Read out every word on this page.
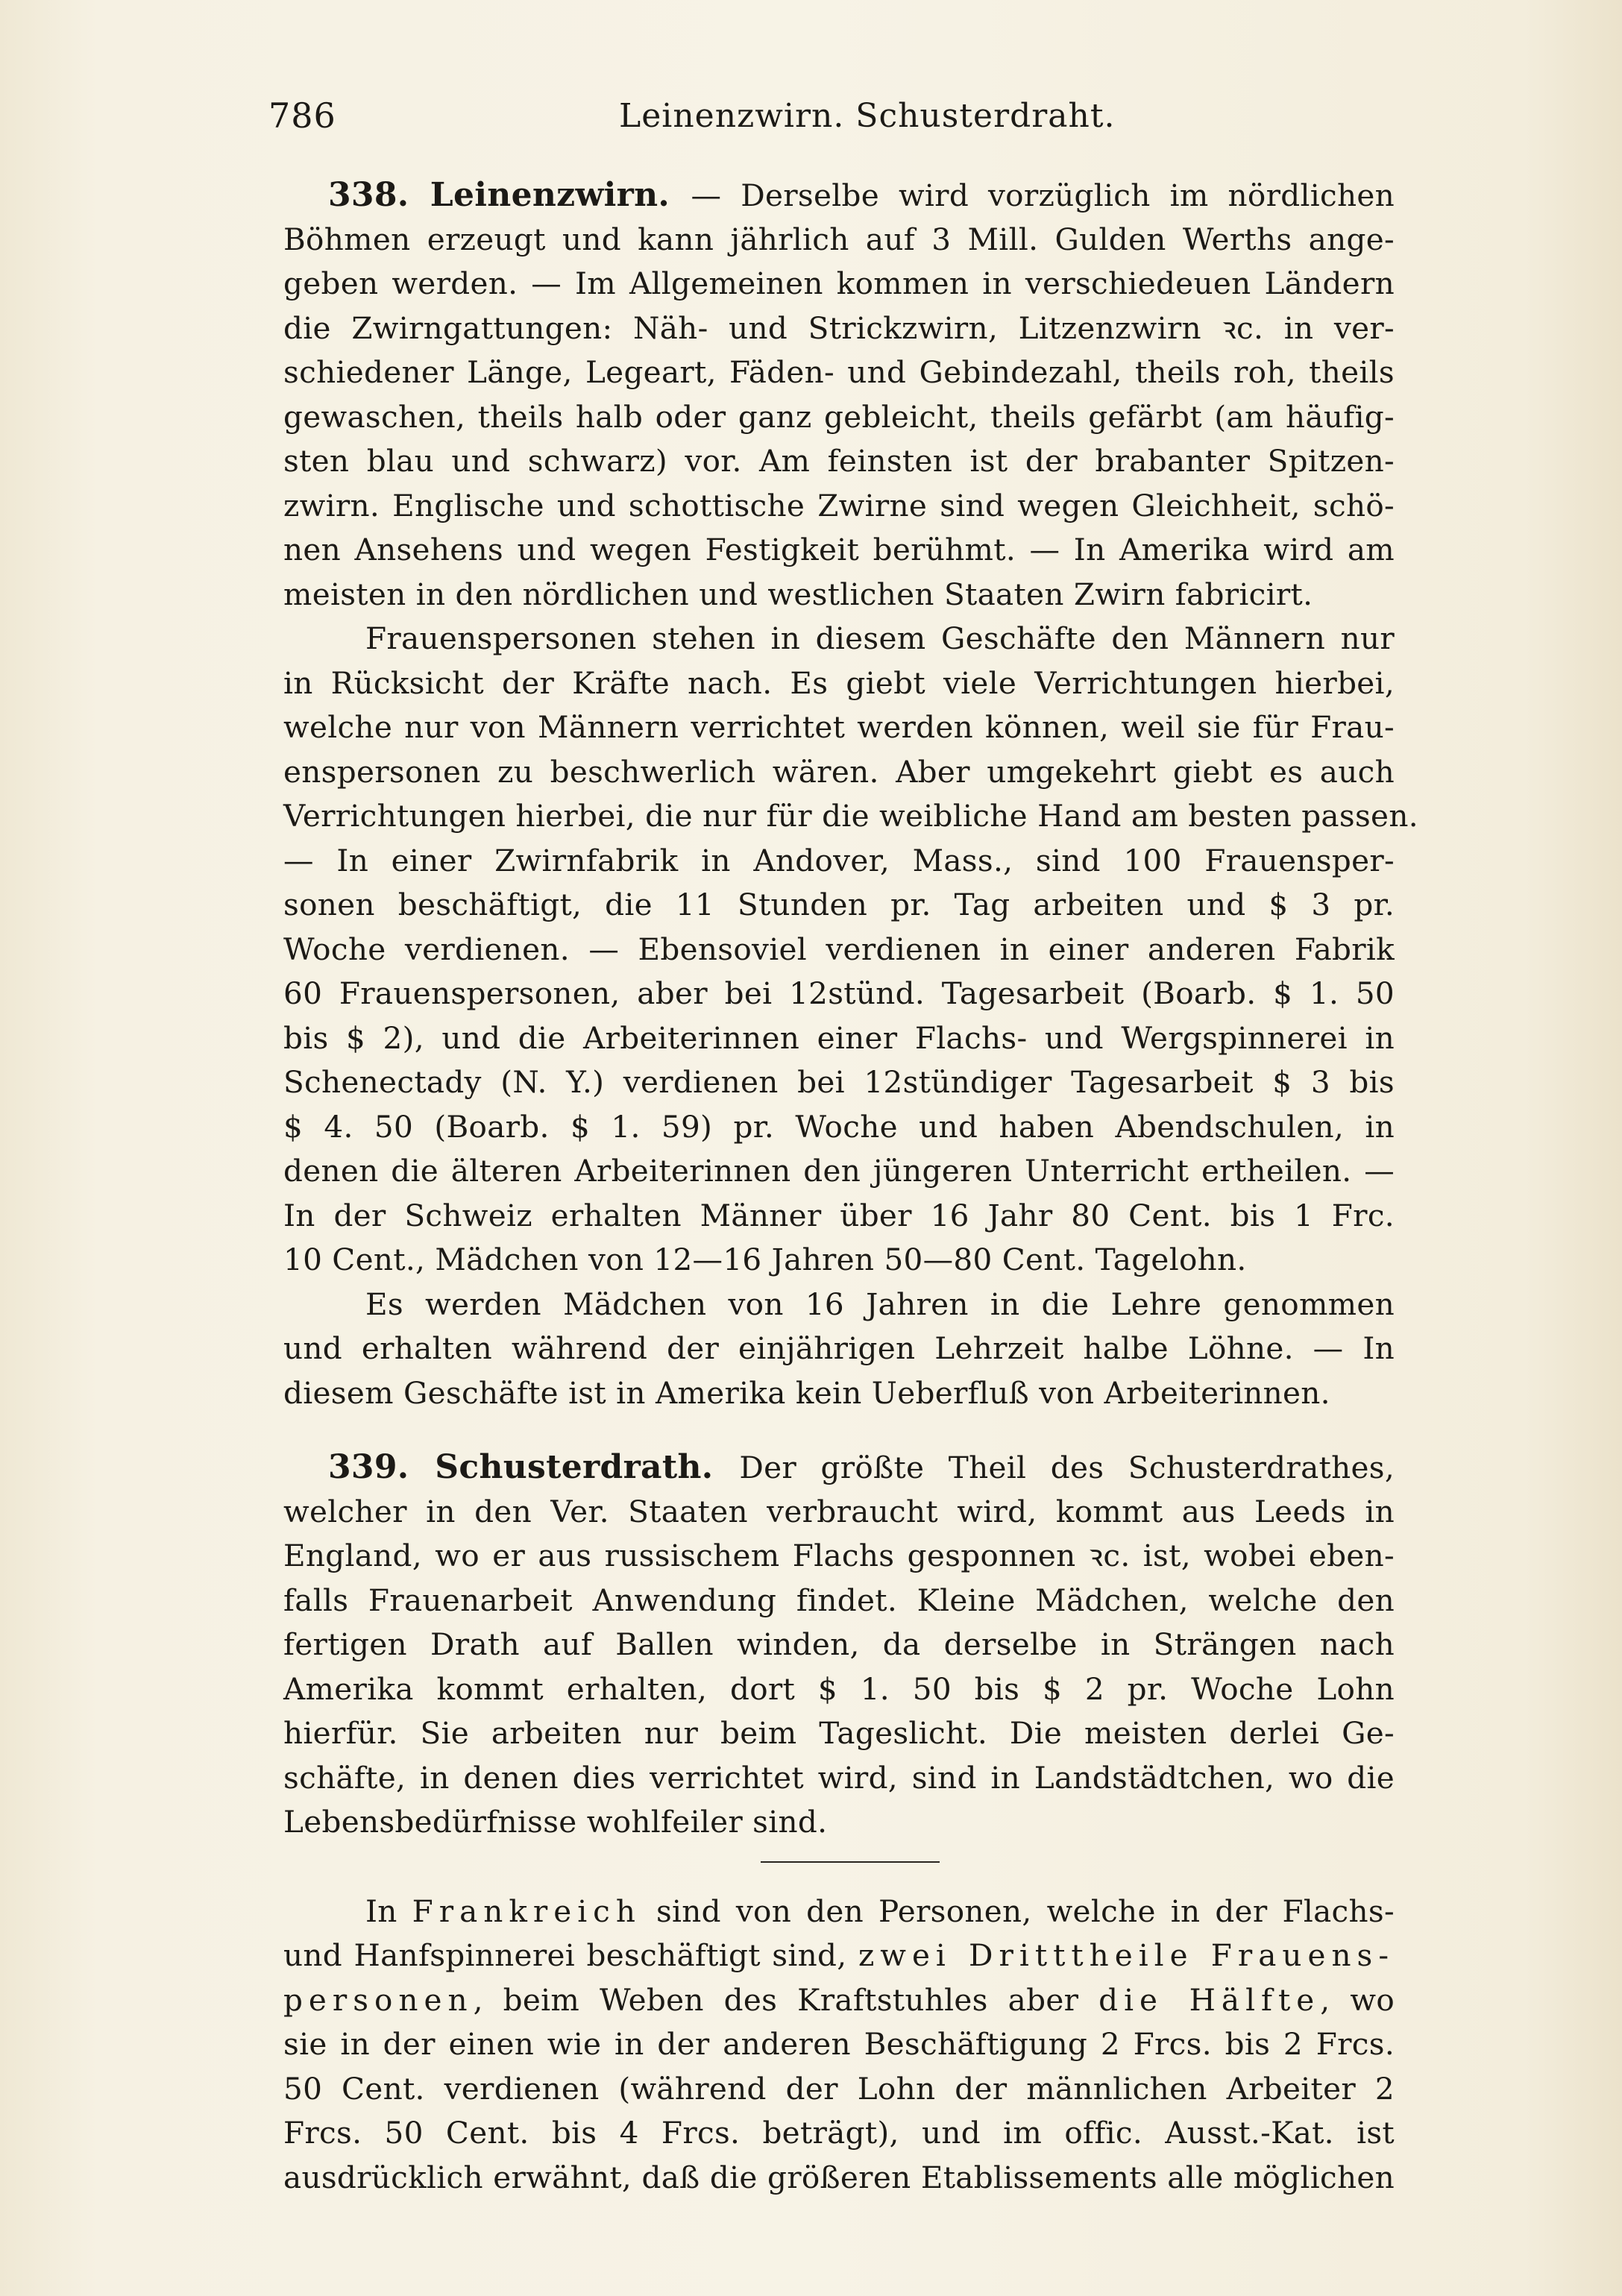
786	Leinenzwirn. Schusterdraht.
338. Leinenzwirn. — Derselbe wird vorzüglich im nördlichen
Böhmen erzeugt und kann jährlich auf 3 Mill. Gulden Werths ange-
geben werden. — Im Allgemeinen kommen in verschiedeuen Ländern
die Zwirngattungen: Näh- und Strickzwirn, Litzenzwirn ꝛc. in ver-
schiedener Länge, Legeart, Fäden- und Gebindezahl, theils roh, theils
gewaschen, theils halb oder ganz gebleicht, theils gefärbt (am häufig-
sten blau und schwarz) vor. Am feinsten ist der brabanter Spitzen-
zwirn. Englische und schottische Zwirne sind wegen Gleichheit, schö-
nen Ansehens und wegen Festigkeit berühmt. — In Amerika wird am
meisten in den nördlichen und westlichen Staaten Zwirn fabricirt.
Frauenspersonen stehen in diesem Geschäfte den Männern nur
in Rücksicht der Kräfte nach. Es giebt viele Verrichtungen hierbei,
welche nur von Männern verrichtet werden können, weil sie für Frau-
enspersonen zu beschwerlich wären. Aber umgekehrt giebt es auch
Verrichtungen hierbei, die nur für die weibliche Hand am besten passen.
— In einer Zwirnfabrik in Andover, Mass., sind 100 Frauensper-
sonen beschäftigt, die 11 Stunden pr. Tag arbeiten und $ 3 pr.
Woche verdienen. — Ebensoviel verdienen in einer anderen Fabrik
60 Frauenspersonen, aber bei 12stünd. Tagesarbeit (Boarb. $ 1. 50
bis $ 2), und die Arbeiterinnen einer Flachs- und Wergspinnerei in
Schenectady (N. Y.) verdienen bei 12stündiger Tagesarbeit $ 3 bis
$ 4. 50 (Boarb. $ 1. 59) pr. Woche und haben Abendschulen, in
denen die älteren Arbeiterinnen den jüngeren Unterricht ertheilen. —
In der Schweiz erhalten Männer über 16 Jahr 80 Cent. bis 1 Frc.
10 Cent., Mädchen von 12—16 Jahren 50—80 Cent. Tagelohn.
Es werden Mädchen von 16 Jahren in die Lehre genommen
und erhalten während der einjährigen Lehrzeit halbe Löhne. — In
diesem Geschäfte ist in Amerika kein Ueberfluß von Arbeiterinnen.
339. Schusterdrath. Der größte Theil des Schusterdrathes,
welcher in den Ver. Staaten verbraucht wird, kommt aus Leeds in
England, wo er aus russischem Flachs gesponnen ꝛc. ist, wobei eben-
falls Frauenarbeit Anwendung findet. Kleine Mädchen, welche den
fertigen Drath auf Ballen winden, da derselbe in Strängen nach
Amerika kommt erhalten, dort $ 1. 50 bis $ 2 pr. Woche Lohn
hierfür. Sie arbeiten nur beim Tageslicht. Die meisten derlei Ge-
schäfte, in denen dies verrichtet wird, sind in Landstädtchen, wo die
Lebensbedürfnisse wohlfeiler sind.
In Frankreich sind von den Personen, welche in der Flachs-
und Hanfspinnerei beschäftigt sind, zwei Dritttheile Frauens-
personen, beim Weben des Kraftstuhles aber die Hälfte, wo
sie in der einen wie in der anderen Beschäftigung 2 Frcs. bis 2 Frcs.
50 Cent. verdienen (während der Lohn der männlichen Arbeiter 2
Frcs. 50 Cent. bis 4 Frcs. beträgt), und im offic. Ausst.-Kat. ist
ausdrücklich erwähnt, daß die größeren Etablissements alle möglichen
